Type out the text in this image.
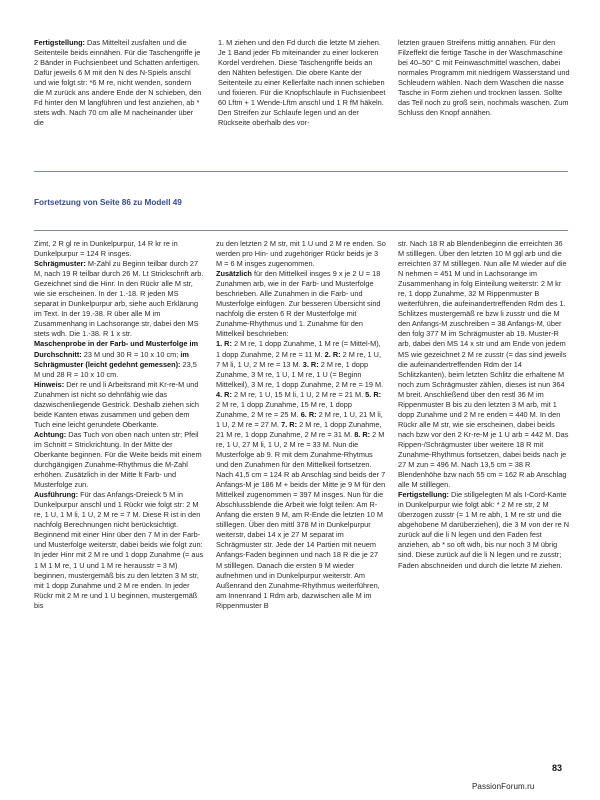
Fertigstellung: Das Mittelteil zusfalten und die Seitenteile beids einnähen. Für die Taschengriffe je 2 Bänder in Fuchsienbeet und Schatten anfertigen. Dafür jeweils 6 M mit den N des N-Spiels anschl und wie folgt str: *6 M re, nicht wenden, sondern die M zurück ans andere Ende der N schieben, den Fd hinter den M langführen und fest anziehen, ab * stets wdh. Nach 70 cm alle M nacheinander über die

1. M ziehen und den Fd durch die letzte M ziehen. Je 1 Band jeder Fb miteinander zu einer lockeren Kordel verdrehen. Diese Taschengriffe beids an den Nähten befestigen. Die obere Kante der Seitenteile zu einer Kellerfalte nach innen schieben und fixieren. Für die Knopfschlaufe in Fuchsienbeet 60 Lftm + 1 Wende-Lftm anschl und 1 R fM häkeln. Den Streifen zur Schlaufe legen und an der Rückseite oberhalb des vor-

letzten grauen Streifens mittig annähen. Für den Filzeffekt die fertige Tasche in der Waschmaschine bei 40–50° C mit Feinwaschmittel waschen, dabei normales Programm mit niedrigem Wasserstand und Schleudern wählen. Nach dem Waschen die nasse Tasche in Form ziehen und trocknen lassen. Sollte das Teil noch zu groß sein, nochmals waschen. Zum Schluss den Knopf annähen.

Fortsetzung von Seite 86 zu Modell 49

Zimt, 2 R gl re in Dunkelpurpur, 14 R kr re in Dunkelpurpur = 124 R insges.

Schrägmuster: M-Zahl zu Beginn teilbar durch 27 M, nach 19 R teilbar durch 26 M. Lt Strickschrift arb. Gezeichnet sind die Hinr. In den Rückr alle M str, wie sie erscheinen. In der 1.-18. R jeden MS separat in Dunkelpurpur arb, siehe auch Erklärung im Text. In der 19.-38. R über alle M im Zusammenhang in Lachsorange str, dabei den MS stets wdh. Die 1.-38. R 1 x str.

Maschenprobe in der Farb- und Musterfolge im Durchschnitt: 23 M und 30 R = 10 x 10 cm; im Schrägmuster (leicht gedehnt gemessen): 23,5 M und 28 R = 10 x 10 cm.

Hinweis: Der re und li Arbeitsrand mit Kr-re-M und Zunahmen ist nicht so dehnfähig wie das dazwischenliegende Gestrick. Deshalb ziehen sich beide Kanten etwas zusammen und geben dem Tuch eine leicht gerundete Oberkante.

Achtung: Das Tuch von oben nach unten str; Pfeil im Schnitt = Strickrichtung. In der Mitte der Oberkante beginnen. Für die Weite beids mit einem durchgängigen Zunahme-Rhythmus die M-Zahl erhöhen. Zusätzlich in der Mitte lt Farb- und Musterfolge zun.

Ausführung: Für das Anfangs-Dreieck 5 M in Dunkelpurpur anschl und 1 Rückr wie folgt str: 2 M re, 1 U, 1 M li, 1 U, 2 M re = 7 M. Diese R ist in den nachfolg Berechnungen nicht berücksichtigt. Beginnend mit einer Hinr über den 7 M in der Farb- und Musterfolge weiterstr, dabei beids wie folgt zun:

In jeder Hinr mit 2 M re und 1 dopp Zunahme (= aus 1 M 1 M re, 1 U und 1 M re herausstr = 3 M) beginnen, mustergemäß bis zu den letzten 3 M str, mit 1 dopp Zunahme und 2 M re enden. In jeder Rückr mit 2 M re und 1 U beginnen, mustergemäß bis

zu den letzten 2 M str, mit 1 U und 2 M re enden. So werden pro Hin- und zugehöriger Rückr beids je 3 M = 6 M insges zugenommen.

Zusätzlich für den Mittelkeil insges 9 x je 2 U = 18 Zunahmen arb, wie in der Farb- und Musterfolge beschrieben. Alle Zunahmen in die Farb- und Musterfolge einfügen. Zur besseren Übersicht sind nachfolg die ersten 6 R der Musterfolge mit Zunahme-Rhythmus und 1. Zunahme für den Mittelkeil beschrieben:

1. R: 2 M re, 1 dopp Zunahme, 1 M re (= Mittel-M), 1 dopp Zunahme, 2 M re = 11 M. 2. R: 2 M re, 1 U, 7 M li, 1 U, 2 M re = 13 M. 3. R: 2 M re, 1 dopp Zunahme, 3 M re, 1 U, 1 M re, 1 U (= Beginn Mittelkeil), 3 M re, 1 dopp Zunahme, 2 M re = 19 M. 4. R: 2 M re, 1 U, 15 M li, 1 U, 2 M re = 21 M. 5. R: 2 M re, 1 dopp Zunahme, 15 M re, 1 dopp Zunahme, 2 M re = 25 M. 6. R: 2 M re, 1 U, 21 M li, 1 U, 2 M re = 27 M. 7. R: 2 M re, 1 dopp Zunahme, 21 M re, 1 dopp Zunahme, 2 M re = 31 M. 8. R: 2 M re, 1 U, 27 M li, 1 U, 2 M re = 33 M. Nun die Musterfolge ab 9. R mit dem Zunahme-Rhytmus und den Zunahmen für den Mittelkeil fortsetzen. Nach 41,5 cm = 124 R ab Anschlag sind beids der 7 Anfangs-M je 186 M + beids der Mitte je 9 M für den Mittelkeil zugenommen = 397 M insges. Nun für die Abschlussblende die Arbeit wie folgt teilen: Am R-Anfang die ersten 9 M, am R-Ende die letzten 10 M stilllegen. Über den mittl 378 M in Dunkelpurpur weiterstr, dabei 14 x je 27 M separat im Schrägmuster str. Jede der 14 Partien mit neuem Anfangs-Faden beginnen und nach 18 R die je 27 M stilllegen. Danach die ersten 9 M wieder aufnehmen und in Dunkelpurpur weiterstr. Am Außenrand den Zunahme-Rhythmus weiterführen, am Innenrand 1 Rdm arb, dazwischen alle M im Rippenmuster B

str. Nach 18 R ab Blendenbeginn die erreichten 36 M stilllegen. Über den letzten 10 M ggl arb und die erreichten 37 M stilllegen. Nun alle M wieder auf die N nehmen = 451 M und in Lachsorange im Zusammenhang in folg Einteilung weiterstr: 2 M kr re, 1 dopp Zunahme, 32 M Rippenmuster B weiterführen, die aufeinandertreffenden Rdm des 1. Schlitzes mustergemäß re bzw li zusstr und die M den Anfangs-M zuschreiben = 38 Anfangs-M, über den folg 377 M im Schrägmuster ab 19. Muster-R arb, dabei den MS 14 x str und am Ende von jedem MS wie gezeichnet 2 M re zusstr (= das sind jeweils die aufeinandertreffenden Rdm der 14 Schlitzkanten), beim letzten Schlitz die erhaltene M noch zum Schrägmuster zählen, dieses ist nun 364 M breit. Anschließend über den restl 36 M im Rippenmuster B bis zu den letzten 3 M arb, mit 1 dopp Zunahme und 2 M re enden = 440 M. In den Rückr alle M str, wie sie erscheinen, dabei beids nach bzw vor den 2 Kr-re-M je 1 U arb = 442 M. Das Rippen-/Schrägmuster über weitere 18 R mit Zunahme-Rhythmus fortsetzen, dabei beids nach je 27 M zun = 496 M. Nach 13,5 cm = 38 R Blendenhöhe bzw nach 55 cm = 162 R ab Anschlag alle M stilllegen.

Fertigstellung: Die stillgelegten M als I-Cord-Kante in Dunkelpurpur wie folgt abk: * 2 M re str, 2 M überzogen zusstr (= 1 M re abh, 1 M re str und die abgehobene M darüberziehen), die 3 M von der re N zurück auf die li N legen und den Faden fest anziehen, ab * so oft wdh, bis nur noch 3 M übrig sind. Diese zurück auf die li N legen und re zusstr; Faden abschneiden und durch die letzte M ziehen.

83
PassionForum.ru
